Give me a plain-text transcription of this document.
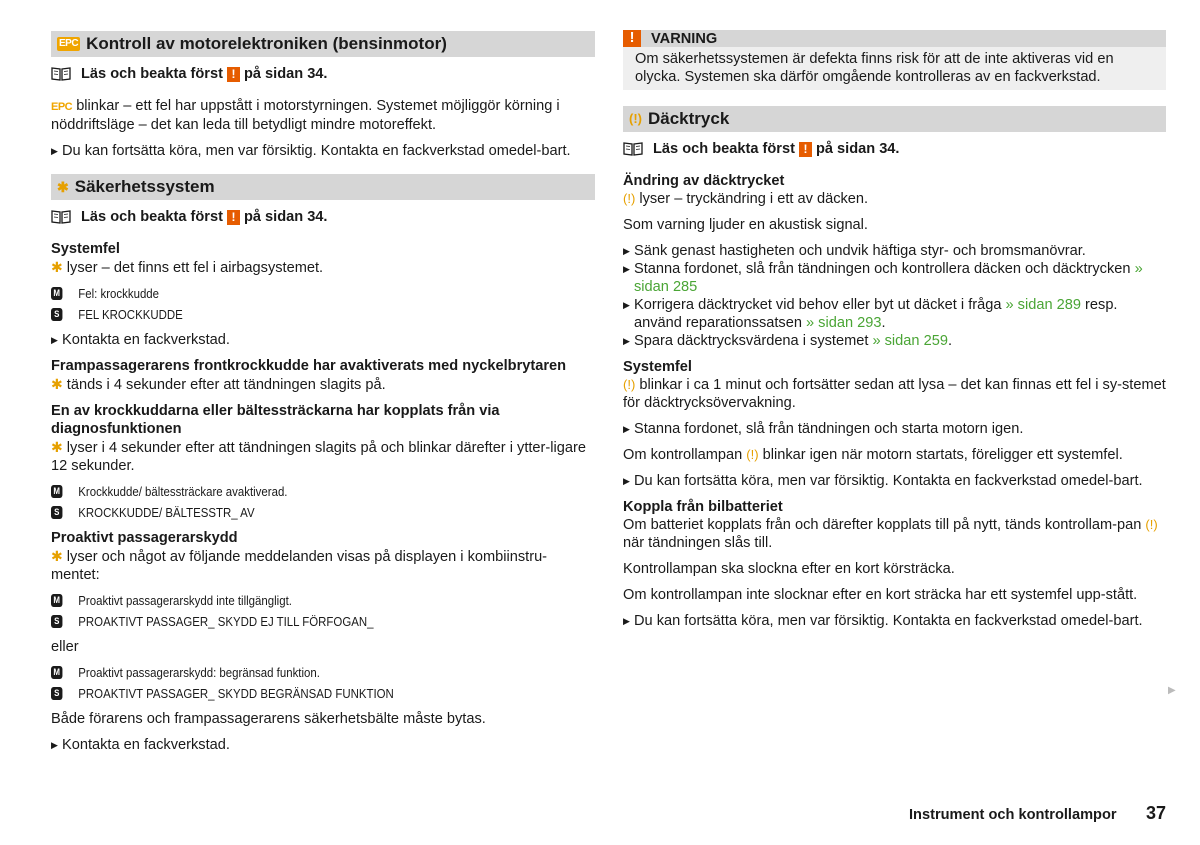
EPC Kontroll av motorelektroniken (bensinmotor)
Läs och beakta först ! på sidan 34.

EPC blinkar – ett fel har uppstått i motorstyrningen. Systemet möjliggör körning i nöddriftsläge – det kan leda till betydligt mindre motoreffekt.

▶ Du kan fortsätta köra, men var försiktig. Kontakta en fackverkstad omedel-bart.
✱ Säkerhetssystem
Läs och beakta först ! på sidan 34.
Systemfel

✱ lyser – det finns ett fel i airbagsystemet.

M Fel: krockkudde
S FEL KROCKKUDDE
▶ Kontakta en fackverkstad.
Frampassagerarens frontkrockkudde har avaktiverats med nyckelbrytaren

✱ tänds i 4 sekunder efter att tändningen slagits på.

En av krockkuddarna eller bältessträckarna har kopplats från via diagnosfunktionen

✱ lyser i 4 sekunder efter att tändningen slagits på och blinkar därefter i ytter-ligare 12 sekunder.

M Krockkudde/ bältessträckare avaktiverad.
S KROCKKUDDE/ BÄLTESSTR_ AV
Proaktivt passagerarskydd

✱ lyser och något av följande meddelanden visas på displayen i kombiinstru-mentet:

M Proaktivt passagerarskydd inte tillgängligt.
S PROAKTIVT PASSAGER_ SKYDD EJ TILL FÖRFOGAN_

eller

M Proaktivt passagerarskydd: begränsad funktion.
S PROAKTIVT PASSAGER_ SKYDD BEGRÄNSAD FUNKTION

Både förarens och frampassagerarens säkerhetsbälte måste bytas.

▶ Kontakta en fackverkstad.
!	VARNING
Om säkerhetssystemen är defekta finns risk för att de inte aktiveras vid en olycka. Systemen ska därför omgående kontrolleras av en fackverkstad.
(!) Däcktryck
Läs och beakta först ! på sidan 34.
Ändring av däcktrycket

(!) lyser – tryckändring i ett av däcken.

Som varning ljuder en akustisk signal.

▶ Sänk genast hastigheten och undvik häftiga styr- och bromsmanövrar.
▶ Stanna fordonet, slå från tändningen och kontrollera däcken och däcktrycken » sidan 285
▶ Korrigera däcktrycket vid behov eller byt ut däcket i fråga » sidan 289 resp. använd reparationssatsen » sidan 293.
▶ Spara däcktrycksvärdena i systemet » sidan 259.
Systemfel

(!) blinkar i ca 1 minut och fortsätter sedan att lysa – det kan finnas ett fel i sy-stemet för däcktrycksövervakning.

▶ Stanna fordonet, slå från tändningen och starta motorn igen.

Om kontrollampan (!) blinkar igen när motorn startats, föreligger ett systemfel.

▶ Du kan fortsätta köra, men var försiktig. Kontakta en fackverkstad omedel-bart.
Koppla från bilbatteriet

Om batteriet kopplats från och därefter kopplats till på nytt, tänds kontrollam-pan (!) när tändningen slås till.

Kontrollampan ska slockna efter en kort körsträcka.

Om kontrollampan inte slocknar efter en kort sträcka har ett systemfel upp-stått.

▶ Du kan fortsätta köra, men var försiktig. Kontakta en fackverkstad omedel-bart.
▶
Instrument och kontrollampor 37
